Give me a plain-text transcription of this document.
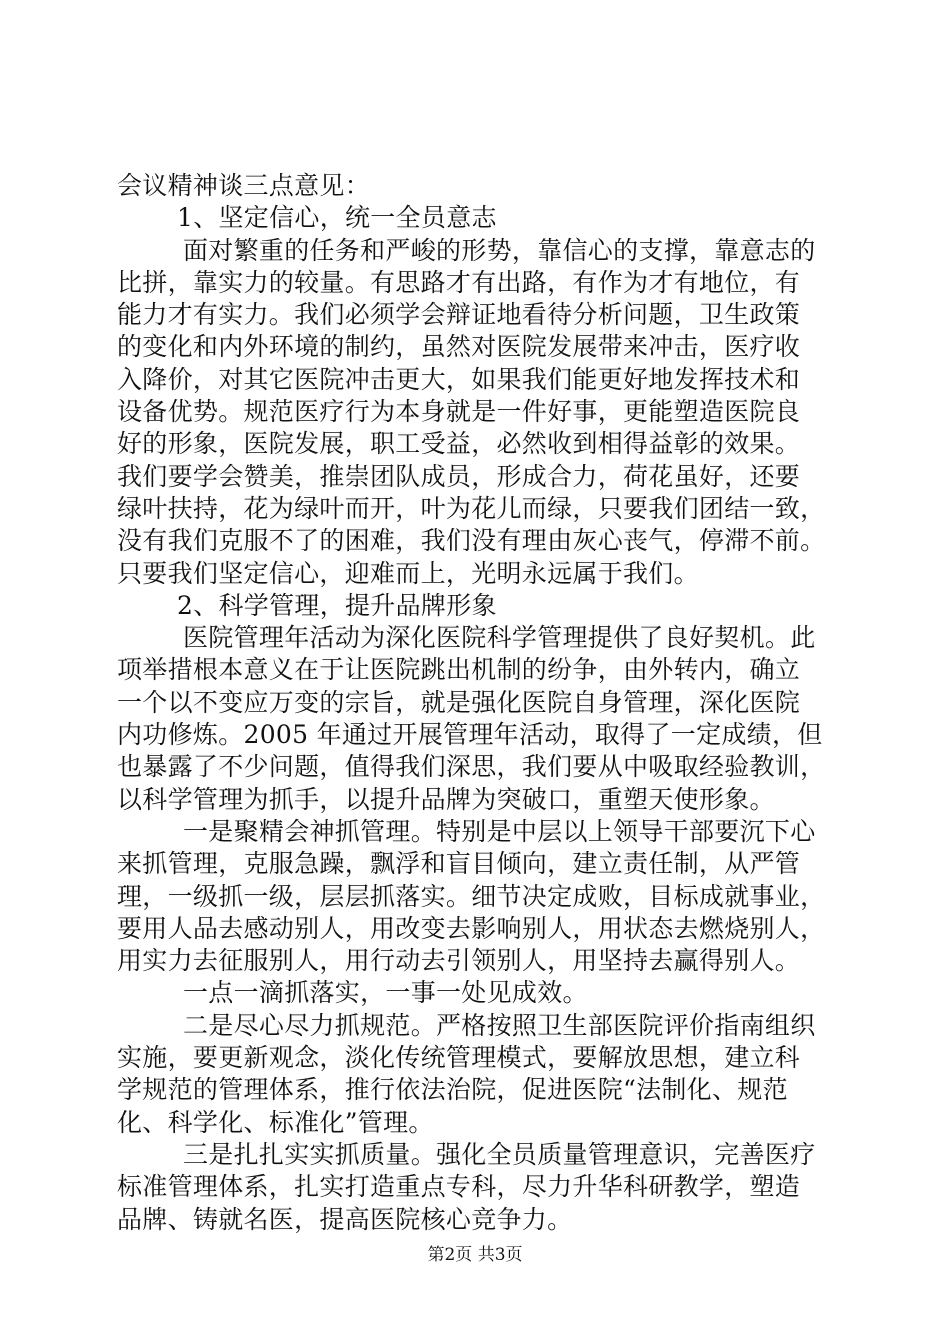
会议精神谈三点意见：
1、坚定信心，统一全员意志
面对繁重的任务和严峻的形势，靠信心的支撑，靠意志的
比拼，靠实力的较量。有思路才有出路，有作为才有地位，有
能力才有实力。我们必须学会辩证地看待分析问题，卫生政策
的变化和内外环境的制约，虽然对医院发展带来冲击，医疗收
入降价，对其它医院冲击更大，如果我们能更好地发挥技术和
设备优势。规范医疗行为本身就是一件好事，更能塑造医院良
好的形象，医院发展，职工受益，必然收到相得益彰的效果。
我们要学会赞美，推崇团队成员，形成合力，荷花虽好，还要
绿叶扶持，花为绿叶而开，叶为花儿而绿，只要我们团结一致，
没有我们克服不了的困难，我们没有理由灰心丧气，停滞不前。
只要我们坚定信心，迎难而上，光明永远属于我们。
2、科学管理，提升品牌形象
医院管理年活动为深化医院科学管理提供了良好契机。此
项举措根本意义在于让医院跳出机制的纷争，由外转内，确立
一个以不变应万变的宗旨，就是强化医院自身管理，深化医院
内功修炼。2005 年通过开展管理年活动，取得了一定成绩，但
也暴露了不少问题，值得我们深思，我们要从中吸取经验教训，
以科学管理为抓手，以提升品牌为突破口，重塑天使形象。
一是聚精会神抓管理。特别是中层以上领导干部要沉下心
来抓管理，克服急躁，飘浮和盲目倾向，建立责任制，从严管
理，一级抓一级，层层抓落实。细节决定成败，目标成就事业，
要用人品去感动别人，用改变去影响别人，用状态去燃烧别人，
用实力去征服别人，用行动去引领别人，用坚持去赢得别人。
一点一滴抓落实，一事一处见成效。
二是尽心尽力抓规范。严格按照卫生部医院评价指南组织
实施，要更新观念，淡化传统管理模式，要解放思想，建立科
学规范的管理体系，推行依法治院，促进医院“法制化、规范
化、科学化、标准化”管理。
三是扎扎实实抓质量。强化全员质量管理意识，完善医疗
标准管理体系，扎实打造重点专科，尽力升华科研教学，塑造
品牌、铸就名医，提高医院核心竞争力。
第2页 共3页
